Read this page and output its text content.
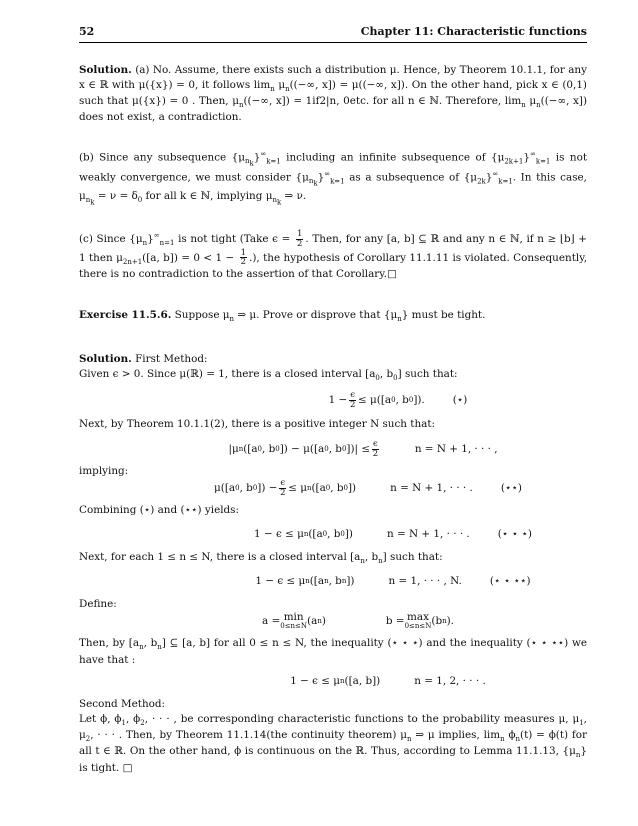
52	Chapter 11: Characteristic functions

Solution. (a) No. Assume, there exists such a distribution μ. Hence, by Theorem 10.1.1, for any x ∈ ℝ with μ({x}) = 0, it follows $\lim_n \mu_n((-\infty$, x]) = μ((−∞, x]). On the other hand, pick x ∈ (0,1) such that μ({x}) = 0 . Then, $\mu_n((-\infty$, x]) = 1if2|n, 0etc. for all n ∈ ℕ. Therefore, $\lim_n \mu_n((-\infty$, x]) does not exist, a contradiction.

(b) Since any subsequence $\{\mu_{n_k}\}^\infty_{k=1}$ including an infinite subsequence of $\{\mu_{2k+1}\}^\infty_{k=1}$ is not weakly convergence, we must consider $\{\mu_{n_k}\}^\infty_{k=1}$ as a subsequence of $\{\mu_{2k}\}^\infty_{k=1}$. In this case, $\mu_{n_k} = \nu = \delta_0$ for all k ∈ ℕ, implying $\mu_{n_k}$ ⇒ ν.

(c) Since $\{\mu_n\}^\infty_{n=1}$ is not tight (Take $\epsilon = \frac{1}{2}$ . Then, for any [a, b] ⊆ ℝ and any n ∈ ℕ, if n ≥ ⌊b⌋ + 1 then $\mu_{2n+1}([a$, $b]) = 0 < 1 - \frac{1}{2}$ .), the hypothesis of Corollary 11.1.11 is violated. Consequently, there is no contradiction to the assertion of that Corollary.□

Exercise 11.5.6. Suppose $\mu_n$ ⇒ μ. Prove or disprove that $\{\mu_n\}$ must be tight.

Solution. First Method:
Given ϵ > 0. Since μ(ℝ) = 1, there is a closed interval [$a_0$, $b_0$] such that:

$1 - \frac{\epsilon}{2} \le \mu([a$ 0 , b 0 ]).	(⋆)

Next, by Theorem 10.1.1(2), there is a positive integer N such that:

|μ n ([a 0 , b 0 ]) − μ([a 0 , b 0 ])| ≤ $\frac{\epsilon}{2}$	n = N + 1, · · · ,

implying:

μ([a 0 , b 0 ]) − $\frac{\epsilon}{2} \le \mu$ n ([a 0 , b 0 ])	n = N + 1, · · · .	(⋆⋆)

Combining (⋆) and (⋆⋆) yields:

1 − ϵ ≤ μ n ([a 0 , b 0 ])	n = N + 1, · · · .	(⋆ ⋆ ⋆)

Next, for each 1 ≤ n ≤ N, there is a closed interval [$a_n$, $b_n$] such that:

1 − ϵ ≤ μ n ([a n , b n ])	n = 1, · · · , N.	(⋆ ⋆ ⋆⋆)

Define:

a = min
0≤n≤N (a n )	b = max
0≤n≤N (b n ).

Then, by [$a_n$, $b_n$] ⊆ [a, b] for all 0 ≤ n ≤ N, the inequality (⋆ ⋆ ⋆) and the inequality (⋆ ⋆ ⋆⋆) we have that :

1 − ϵ ≤ μ n ([a, b])	n = 1, 2, · · · .

Second Method:
Let ϕ, $\phi_1$, $\phi_2$, · · · , be corresponding characteristic functions to the probability measures μ, $\mu_1$, $\mu_2$, · · · . Then, by Theorem 11.1.14(the continuity theorem) $\mu_n$ ⇒ μ implies, $\lim_n \phi_n(t) = \phi(t)$ for all t ∈ ℝ. On the other hand, ϕ is continuous on the ℝ. Thus, according to Lemma 11.1.13, $\{\mu_n\}$ is tight. □
